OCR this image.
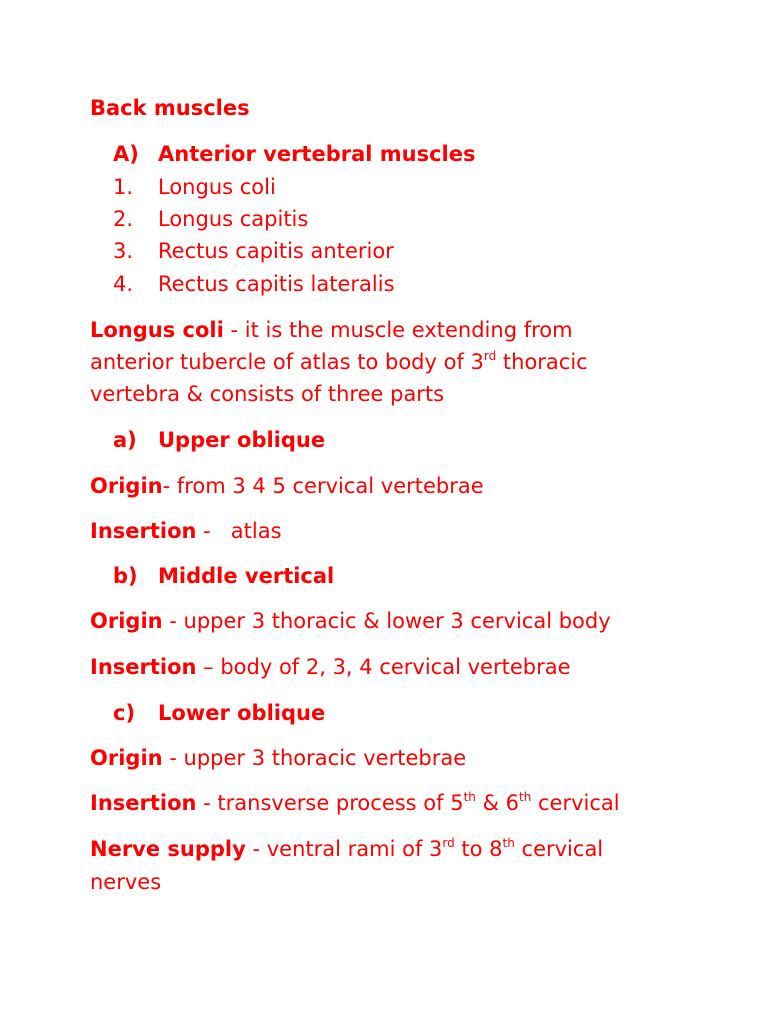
Back muscles
A) Anterior vertebral muscles
1. Longus coli
2. Longus capitis
3. Rectus capitis anterior
4. Rectus capitis lateralis
Longus coli - it is the muscle extending from
anterior tubercle of atlas to body of 3rd thoracic
vertebra & consists of three parts
a) Upper oblique
Origin- from 3 4 5 cervical vertebrae
Insertion -   atlas
b) Middle vertical
Origin - upper 3 thoracic & lower 3 cervical body
Insertion – body of 2, 3, 4 cervical vertebrae
c) Lower oblique
Origin - upper 3 thoracic vertebrae
Insertion - transverse process of 5th & 6th cervical
Nerve supply - ventral rami of 3rd to 8th cervical
nerves
